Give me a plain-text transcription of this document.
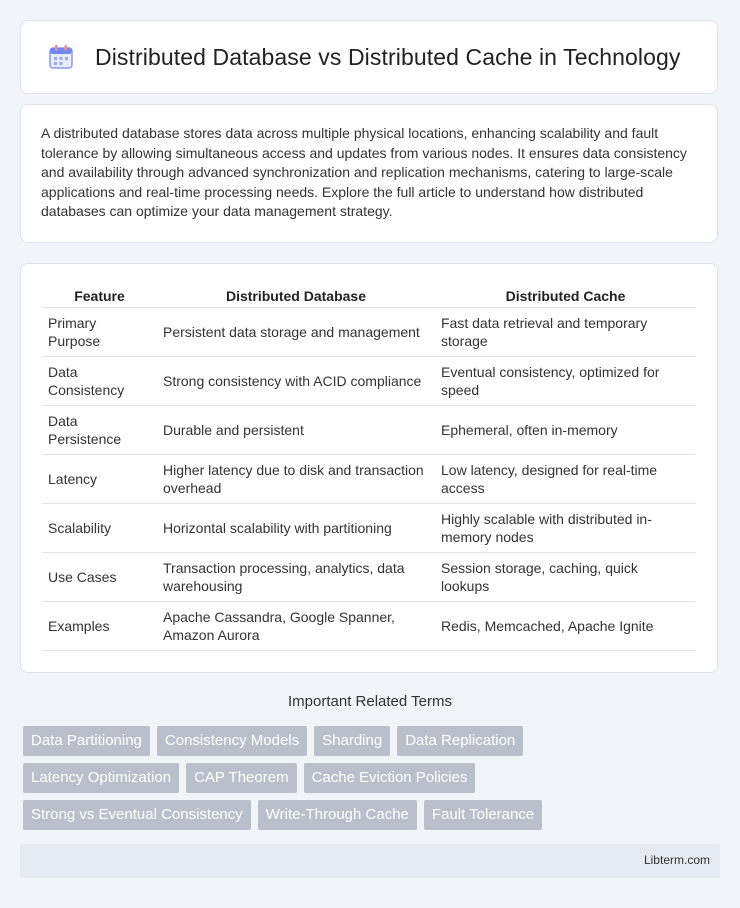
Distributed Database vs Distributed Cache in Technology

A distributed database stores data across multiple physical locations, enhancing scalability and fault tolerance by allowing simultaneous access and updates from various nodes. It ensures data consistency and availability through advanced synchronization and replication mechanisms, catering to large-scale applications and real-time processing needs. Explore the full article to understand how distributed databases can optimize your data management strategy.

Feature	Distributed Database	Distributed Cache
Primary Purpose	Persistent data storage and management	Fast data retrieval and temporary storage
Data Consistency	Strong consistency with ACID compliance	Eventual consistency, optimized for speed
Data Persistence	Durable and persistent	Ephemeral, often in-memory
Latency	Higher latency due to disk and transaction overhead	Low latency, designed for real-time access
Scalability	Horizontal scalability with partitioning	Highly scalable with distributed in-memory nodes
Use Cases	Transaction processing, analytics, data warehousing	Session storage, caching, quick lookups
Examples	Apache Cassandra, Google Spanner, Amazon Aurora	Redis, Memcached, Apache Ignite
Important Related Terms
Data Partitioning	Consistency Models	Sharding	Data Replication
Latency Optimization	CAP Theorem	Cache Eviction Policies
Strong vs Eventual Consistency	Write-Through Cache	Fault Tolerance
Libterm.com
